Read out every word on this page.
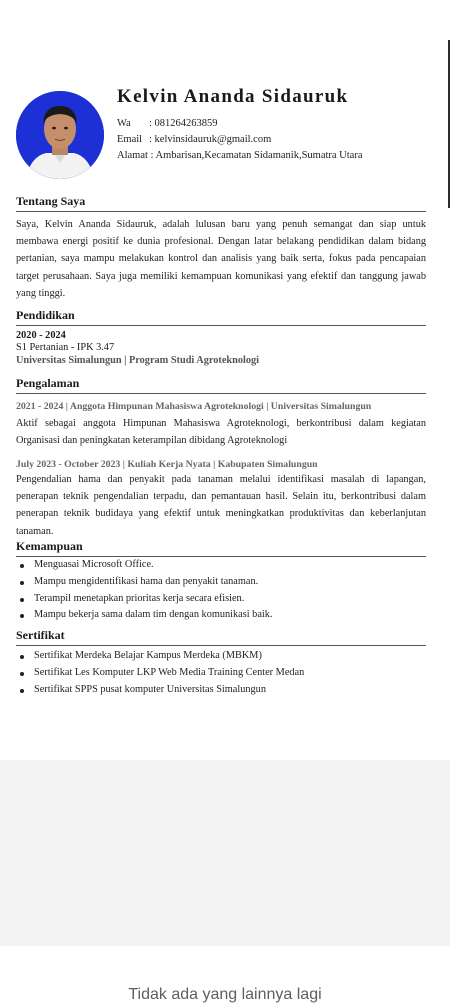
Kelvin Ananda Sidauruk
Wa : 081264263859
Email : kelvinsidauruk@gmail.com
Alamat : Ambarisan,Kecamatan Sidamanik,Sumatra Utara
Tentang Saya

Saya, Kelvin Ananda Sidauruk, adalah lulusan baru yang penuh semangat dan siap untuk membawa energi positif ke dunia profesional. Dengan latar belakang pendidikan dalam bidang pertanian, saya mampu melakukan kontrol dan analisis yang baik serta, fokus pada pencapaian target perusahaan. Saya juga memiliki kemampuan komunikasi yang efektif dan tanggung jawab yang tinggi.

Pendidikan
2020 - 2024
S1 Pertanian - IPK 3.47
Universitas Simalungun | Program Studi Agroteknologi
Pengalaman
2021 - 2024 | Anggota Himpunan Mahasiswa Agroteknologi | Universitas Simalungun

Aktif sebagai anggota Himpunan Mahasiswa Agroteknologi, berkontribusi dalam kegiatan Organisasi dan peningkatan keterampilan dibidang Agroteknologi

July 2023 - October 2023 | Kuliah Kerja Nyata | Kabupaten Simalungun

Pengendalian hama dan penyakit pada tanaman melalui identifikasi masalah di lapangan, penerapan teknik pengendalian terpadu, dan pemantauan hasil. Selain itu, berkontribusi dalam penerapan teknik budidaya yang efektif untuk meningkatkan produktivitas dan keberlanjutan tanaman.

Kemampuan
Menguasai Microsoft Office.
Mampu mengidentifikasi hama dan penyakit tanaman.
Terampil menetapkan prioritas kerja secara efisien.
Mampu bekerja sama dalam tim dengan komunikasi baik.
Sertifikat
Sertifikat Merdeka Belajar Kampus Merdeka (MBKM)
Sertifikat Les Komputer LKP Web Media Training Center Medan
Sertifikat SPPS pusat komputer Universitas Simalungun
Tidak ada yang lainnya lagi
